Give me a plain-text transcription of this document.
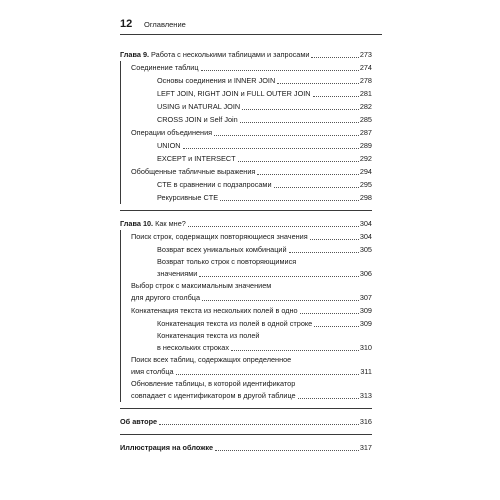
12 Оглавление
Глава 9. Работа с несколькими таблицами и запросами	273
Соединение таблиц	274
Основы соединения и INNER JOIN	278
LEFT JOIN, RIGHT JOIN и FULL OUTER JOIN	281
USING и NATURAL JOIN	282
CROSS JOIN и Self Join	285
Операции объединения	287
UNION	289
EXCEPT и INTERSECT	292
Обобщенные табличные выражения	294
CTE в сравнении с подзапросами	295
Рекурсивные CTE	298
Глава 10. Как мне?	304
Поиск строк, содержащих повторяющиеся значения	304
Возврат всех уникальных комбинаций	305
Возврат только строк с повторяющимися
значениями	306
Выбор строк с максимальным значением
для другого столбца	307
Конкатенация текста из нескольких полей в одно	309
Конкатенация текста из полей в одной строке	309
Конкатенация текста из полей
в нескольких строках	310
Поиск всех таблиц, содержащих определенное
имя столбца	311
Обновление таблицы, в которой идентификатор
совпадает с идентификатором в другой таблице	313
Об авторе	316
Иллюстрация на обложке	317
